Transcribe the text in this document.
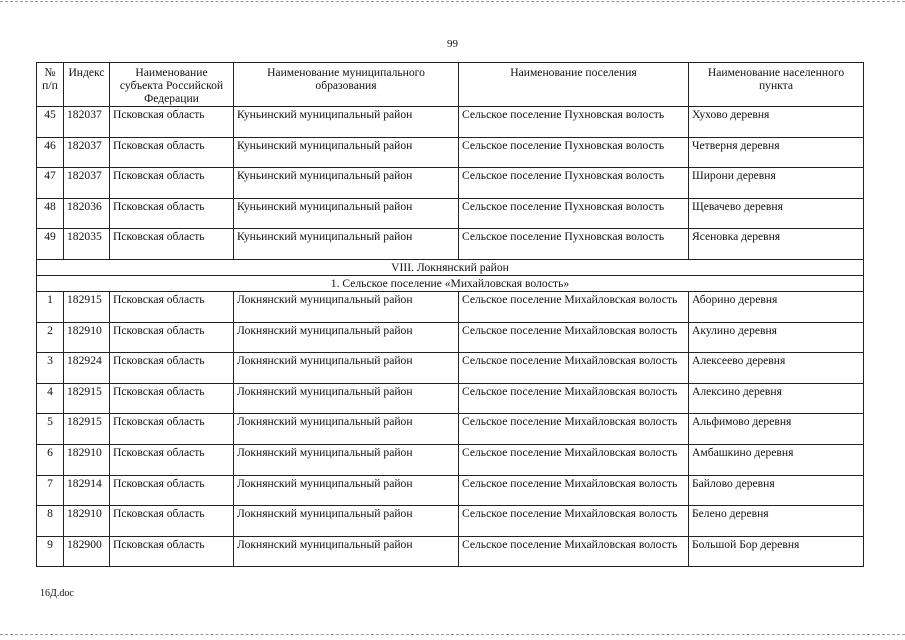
99
№ п/п	Индекс	Наименование субъекта Российской Федерации	Наименование муниципального образования	Наименование поселения	Наименование населенного пункта
45	182037	Псковская область	Куньинский муниципальный район	Сельское поселение Пухновская волость	Хухово деревня
46	182037	Псковская область	Куньинский муниципальный район	Сельское поселение Пухновская волость	Четверня деревня
47	182037	Псковская область	Куньинский муниципальный район	Сельское поселение Пухновская волость	Широни деревня
48	182036	Псковская область	Куньинский муниципальный район	Сельское поселение Пухновская волость	Щевачево деревня
49	182035	Псковская область	Куньинский муниципальный район	Сельское поселение Пухновская волость	Ясеновка деревня
VIII. Локнянский район					
1. Сельское поселение «Михайловская волость»					
1	182915	Псковская область	Локнянский муниципальный район	Сельское поселение Михайловская волость	Аборино деревня
2	182910	Псковская область	Локнянский муниципальный район	Сельское поселение Михайловская волость	Акулино деревня
3	182924	Псковская область	Локнянский муниципальный район	Сельское поселение Михайловская волость	Алексеево деревня
4	182915	Псковская область	Локнянский муниципальный район	Сельское поселение Михайловская волость	Алексино деревня
5	182915	Псковская область	Локнянский муниципальный район	Сельское поселение Михайловская волость	Альфимово деревня
6	182910	Псковская область	Локнянский муниципальный район	Сельское поселение Михайловская волость	Амбашкино деревня
7	182914	Псковская область	Локнянский муниципальный район	Сельское поселение Михайловская волость	Байлово деревня
8	182910	Псковская область	Локнянский муниципальный район	Сельское поселение Михайловская волость	Белено деревня
9	182900	Псковская область	Локнянский муниципальный район	Сельское поселение Михайловская волость	Большой Бор деревня
16Д.doc
